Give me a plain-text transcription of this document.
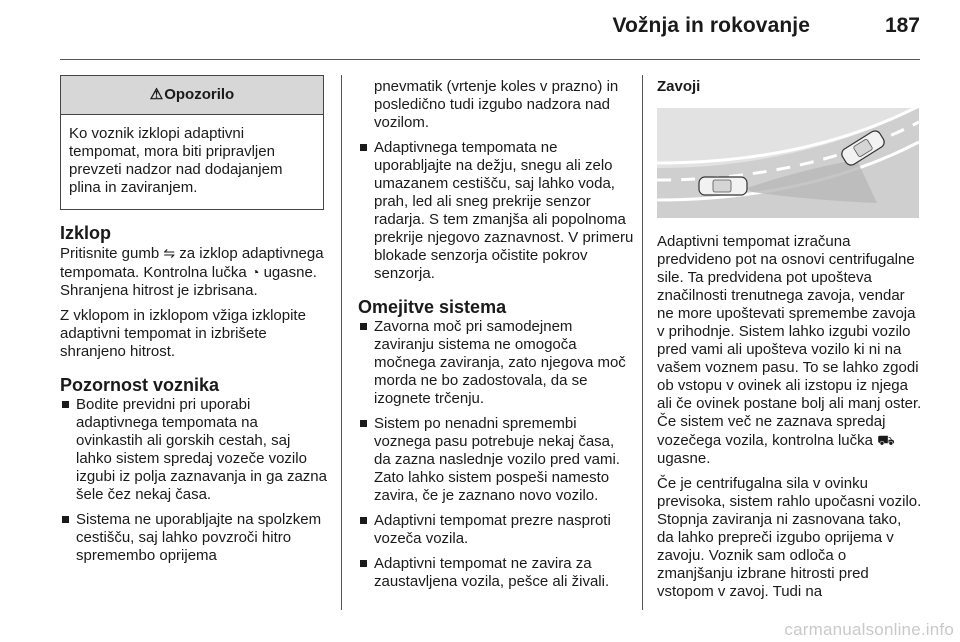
Vožnja in rokovanje	187
⚠ Opozorilo
Ko voznik izklopi adaptivni tempomat, mora biti pripravljen prevzeti nadzor nad dodajanjem plina in zaviranjem.
Izklop

Pritisnite gumb ⇋ za izklop adaptivnega tempomata. Kontrolna lučka ◔ ugasne. Shranjena hitrost je izbrisana.

Z vklopom in izklopom vžiga izklopite adaptivni tempomat in izbrišete shranjeno hitrost.

Pozornost voznika
Bodite previdni pri uporabi adaptivnega tempomata na ovinkastih ali gorskih cestah, saj lahko sistem spredaj vozeče vozilo izgubi iz polja zaznavanja in ga zazna šele čez nekaj časa.
Sistema ne uporabljajte na spolzkem cestišču, saj lahko povzroči hitro spremembo oprijema

pnevmatik (vrtenje koles v prazno) in posledično tudi izgubo nadzora nad vozilom.

Adaptivnega tempomata ne uporabljajte na dežju, snegu ali zelo umazanem cestišču, saj lahko voda, prah, led ali sneg prekrije senzor radarja. S tem zmanjša ali popolnoma prekrije njegovo zaznavnost. V primeru blokade senzorja očistite pokrov senzorja.
Omejitve sistema
Zavorna moč pri samodejnem zaviranju sistema ne omogoča močnega zaviranja, zato njegova moč morda ne bo zadostovala, da se izognete trčenju.
Sistem po nenadni spremembi voznega pasu potrebuje nekaj časa, da zazna naslednje vozilo pred vami. Zato lahko sistem pospeši namesto zavira, če je zaznano novo vozilo.
Adaptivni tempomat prezre nasproti vozeča vozila.
Adaptivni tempomat ne zavira za zaustavljena vozila, pešce ali živali.
Zavoji

Adaptivni tempomat izračuna predvideno pot na osnovi centrifugalne sile. Ta predvidena pot upošteva značilnosti trenutnega zavoja, vendar ne more upoštevati spremembe zavoja v prihodnje. Sistem lahko izgubi vozilo pred vami ali upošteva vozilo ki ni na vašem voznem pasu. To se lahko zgodi ob vstopu v ovinek ali izstopu iz njega ali če ovinek postane bolj ali manj oster. Če sistem več ne zaznava spredaj vozečega vozila, kontrolna lučka ⛟ ugasne.

Če je centrifugalna sila v ovinku previsoka, sistem rahlo upočasni vozilo. Stopnja zaviranja ni zasnovana tako, da lahko prepreči izgubo oprijema v zavoju. Voznik sam odloča o zmanjšanju izbrane hitrosti pred vstopom v zavoj. Tudi na

carmanualsonline.info
